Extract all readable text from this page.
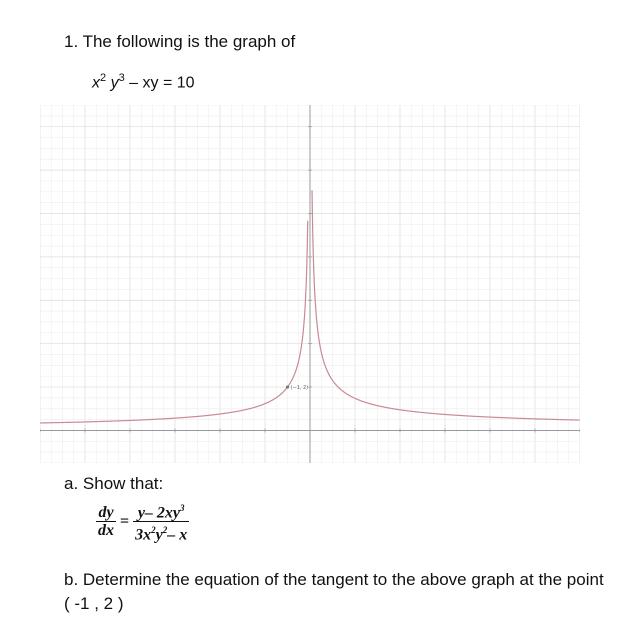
1. The following is the graph of
$x^2$ $y^3$ – xy = 10
(−1, 2)
a. Show that:
$\frac{dy}{dx} = \frac{y- 2xy^3}{3x^2y^2- x}$
b. Determine the equation of the tangent to the above graph at the point ( -1 , 2 )
